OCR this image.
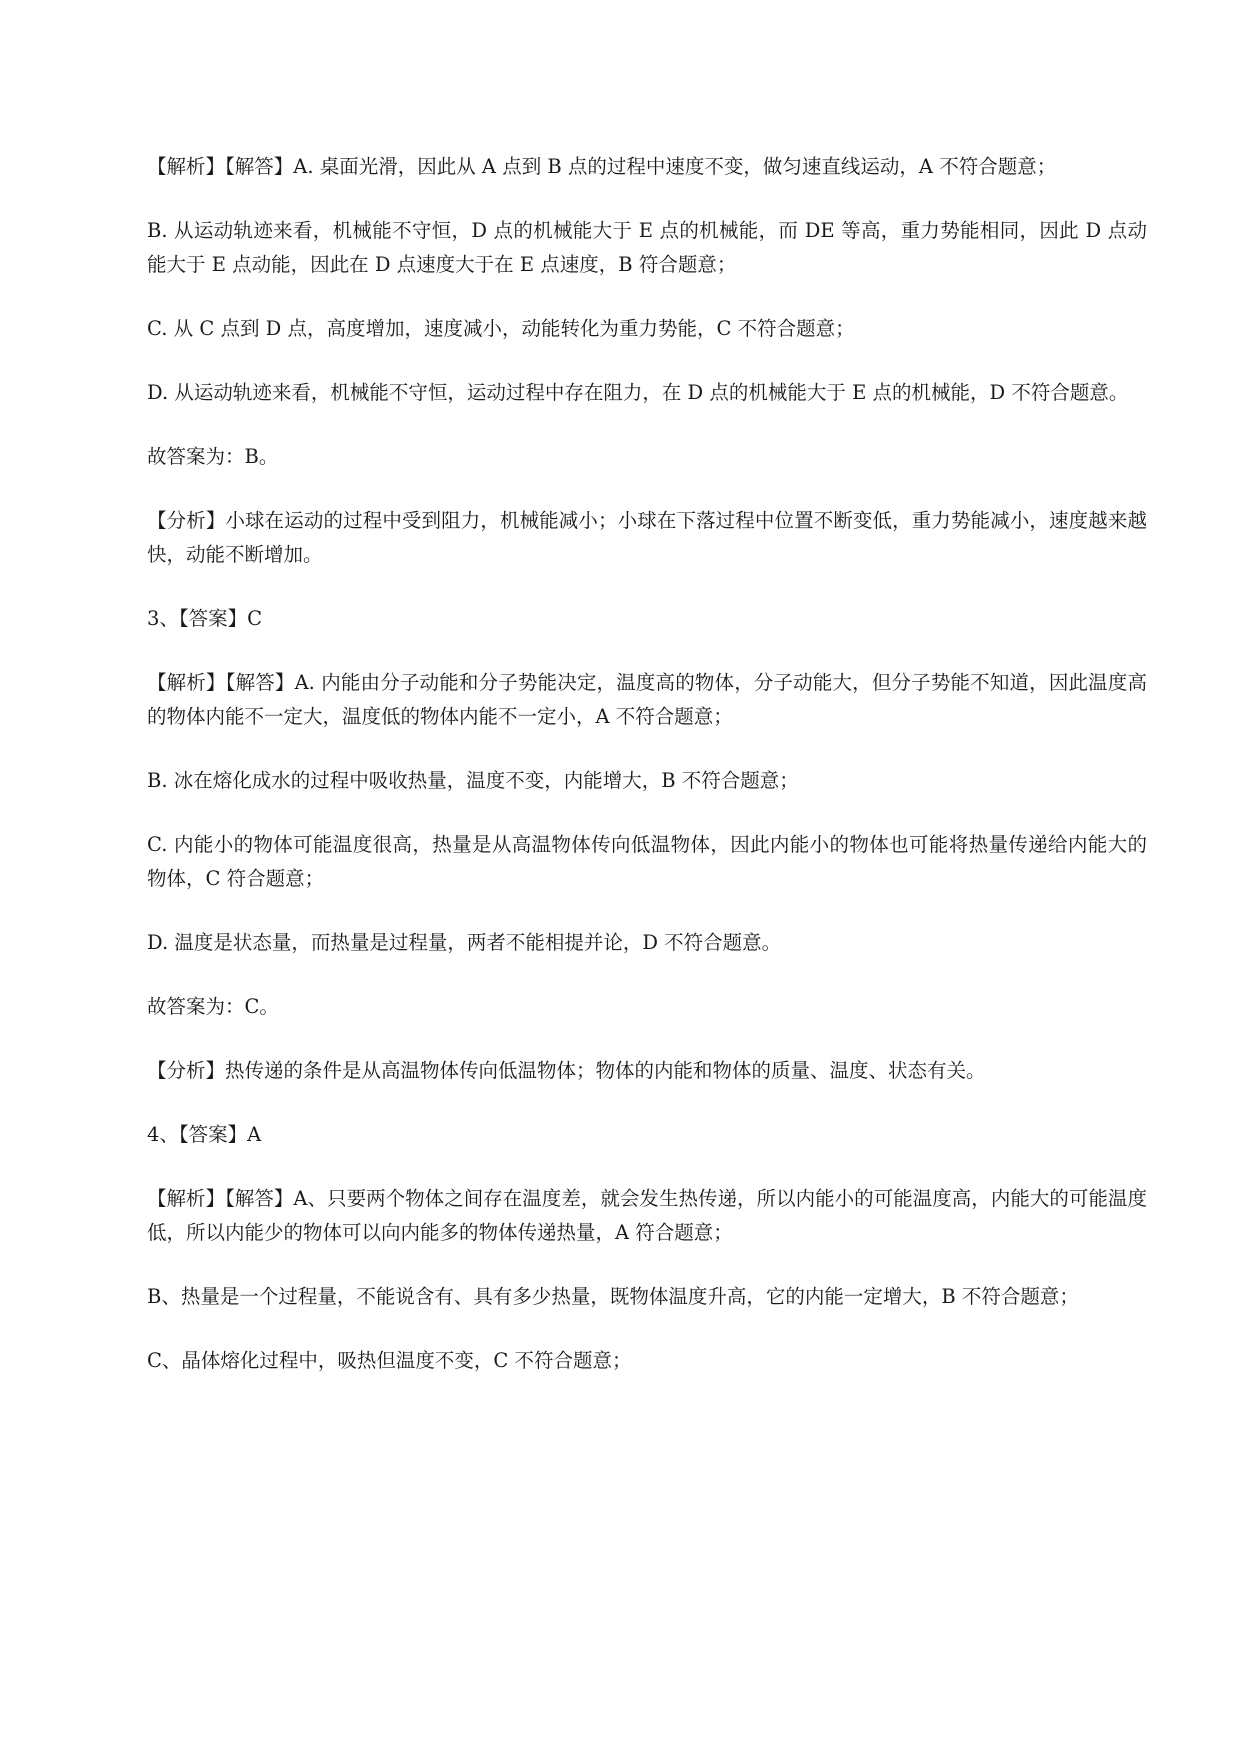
【解析】【解答】A. 桌面光滑，因此从 A 点到 B 点的过程中速度不变，做匀速直线运动，A 不符合题意；

B. 从运动轨迹来看，机械能不守恒，D 点的机械能大于 E 点的机械能，而 DE 等高，重力势能相同，因此 D 点动能大于 E 点动能，因此在 D 点速度大于在 E 点速度，B 符合题意；

C. 从 C 点到 D 点，高度增加，速度减小，动能转化为重力势能，C 不符合题意；

D. 从运动轨迹来看，机械能不守恒，运动过程中存在阻力，在 D 点的机械能大于 E 点的机械能，D 不符合题意。

故答案为：B。

【分析】小球在运动的过程中受到阻力，机械能减小；小球在下落过程中位置不断变低，重力势能减小，速度越来越快，动能不断增加。

3、【答案】C

【解析】【解答】A. 内能由分子动能和分子势能决定，温度高的物体，分子动能大，但分子势能不知道，因此温度高的物体内能不一定大，温度低的物体内能不一定小，A 不符合题意；

B. 冰在熔化成水的过程中吸收热量，温度不变，内能增大，B 不符合题意；

C. 内能小的物体可能温度很高，热量是从高温物体传向低温物体，因此内能小的物体也可能将热量传递给内能大的物体，C 符合题意；

D. 温度是状态量，而热量是过程量，两者不能相提并论，D 不符合题意。

故答案为：C。

【分析】热传递的条件是从高温物体传向低温物体；物体的内能和物体的质量、温度、状态有关。

4、【答案】A

【解析】【解答】A、只要两个物体之间存在温度差，就会发生热传递，所以内能小的可能温度高，内能大的可能温度低，所以内能少的物体可以向内能多的物体传递热量，A 符合题意；

B、热量是一个过程量，不能说含有、具有多少热量，既物体温度升高，它的内能一定增大，B 不符合题意；

C、晶体熔化过程中，吸热但温度不变，C 不符合题意；
